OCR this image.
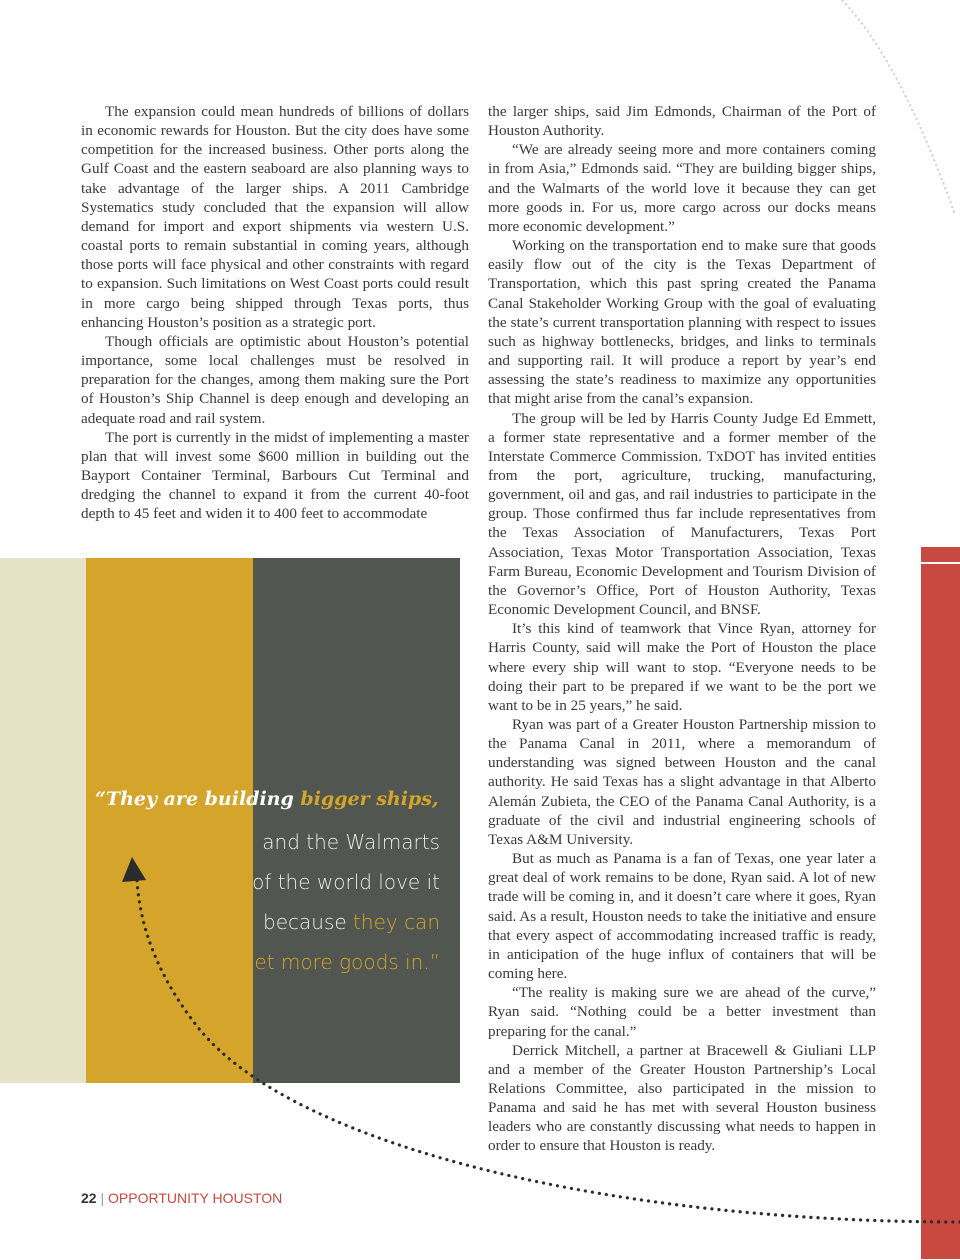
The expansion could mean hundreds of billions of dollars in economic rewards for Houston. But the city does have some competition for the increased business. Other ports along the Gulf Coast and the eastern seaboard are also planning ways to take advantage of the larger ships. A 2011 Cambridge Systematics study concluded that the expansion will allow demand for import and export shipments via western U.S. coastal ports to remain substantial in coming years, although those ports will face physical and other constraints with regard to expansion. Such limitations on West Coast ports could result in more cargo being shipped through Texas ports, thus enhancing Houston’s position as a strategic port.

Though officials are optimistic about Houston’s potential importance, some local challenges must be resolved in preparation for the changes, among them making sure the Port of Houston’s Ship Channel is deep enough and developing an adequate road and rail system.

The port is currently in the midst of implementing a master plan that will invest some $600 million in building out the Bayport Container Terminal, Barbours Cut Terminal and dredging the channel to expand it from the current 40-foot depth to 45 feet and widen it to 400 feet to accommodate

the larger ships, said Jim Edmonds, Chairman of the Port of Houston Authority.

“We are already seeing more and more containers coming in from Asia,” Edmonds said. “They are building bigger ships, and the Walmarts of the world love it because they can get more goods in. For us, more cargo across our docks means more economic development.”

Working on the transportation end to make sure that goods easily flow out of the city is the Texas Department of Transportation, which this past spring created the Panama Canal Stakeholder Working Group with the goal of evaluating the state’s current transportation planning with respect to issues such as highway bottlenecks, bridges, and links to terminals and supporting rail. It will produce a report by year’s end assessing the state’s readiness to maximize any opportunities that might arise from the canal’s expansion.

The group will be led by Harris County Judge Ed Emmett, a former state representative and a former member of the Interstate Commerce Commission. TxDOT has invited entities from the port, agriculture, trucking, manufacturing, government, oil and gas, and rail industries to participate in the group. Those confirmed thus far include representatives from the Texas Association of Manufacturers, Texas Port Association, Texas Motor Transportation Association, Texas Farm Bureau, Economic Development and Tourism Division of the Governor’s Office, Port of Houston Authority, Texas Economic Development Council, and BNSF.

It’s this kind of teamwork that Vince Ryan, attorney for Harris County, said will make the Port of Houston the place where every ship will want to stop. “Everyone needs to be doing their part to be prepared if we want to be the port we want to be in 25 years,” he said.

Ryan was part of a Greater Houston Partnership mission to the Panama Canal in 2011, where a memorandum of understanding was signed between Houston and the canal authority. He said Texas has a slight advantage in that Alberto Alemán Zubieta, the CEO of the Panama Canal Authority, is a graduate of the civil and industrial engineering schools of Texas A&M University.

But as much as Panama is a fan of Texas, one year later a great deal of work remains to be done, Ryan said. A lot of new trade will be coming in, and it doesn’t care where it goes, Ryan said. As a result, Houston needs to take the initiative and ensure that every aspect of accommodating increased traffic is ready, in anticipation of the huge influx of containers that will be coming here.

“The reality is making sure we are ahead of the curve,” Ryan said. “Nothing could be a better investment than preparing for the canal.”

Derrick Mitchell, a partner at Bracewell & Giuliani LLP and a member of the Greater Houston Partnership’s Local Relations Committee, also participated in the mission to Panama and said he has met with several Houston business leaders who are constantly discussing what needs to happen in order to ensure that Houston is ready.

“They are building bigger ships,
and the Walmarts
of the world love it
because they can
get more goods in.”
22 | OPPORTUNITY HOUSTON
